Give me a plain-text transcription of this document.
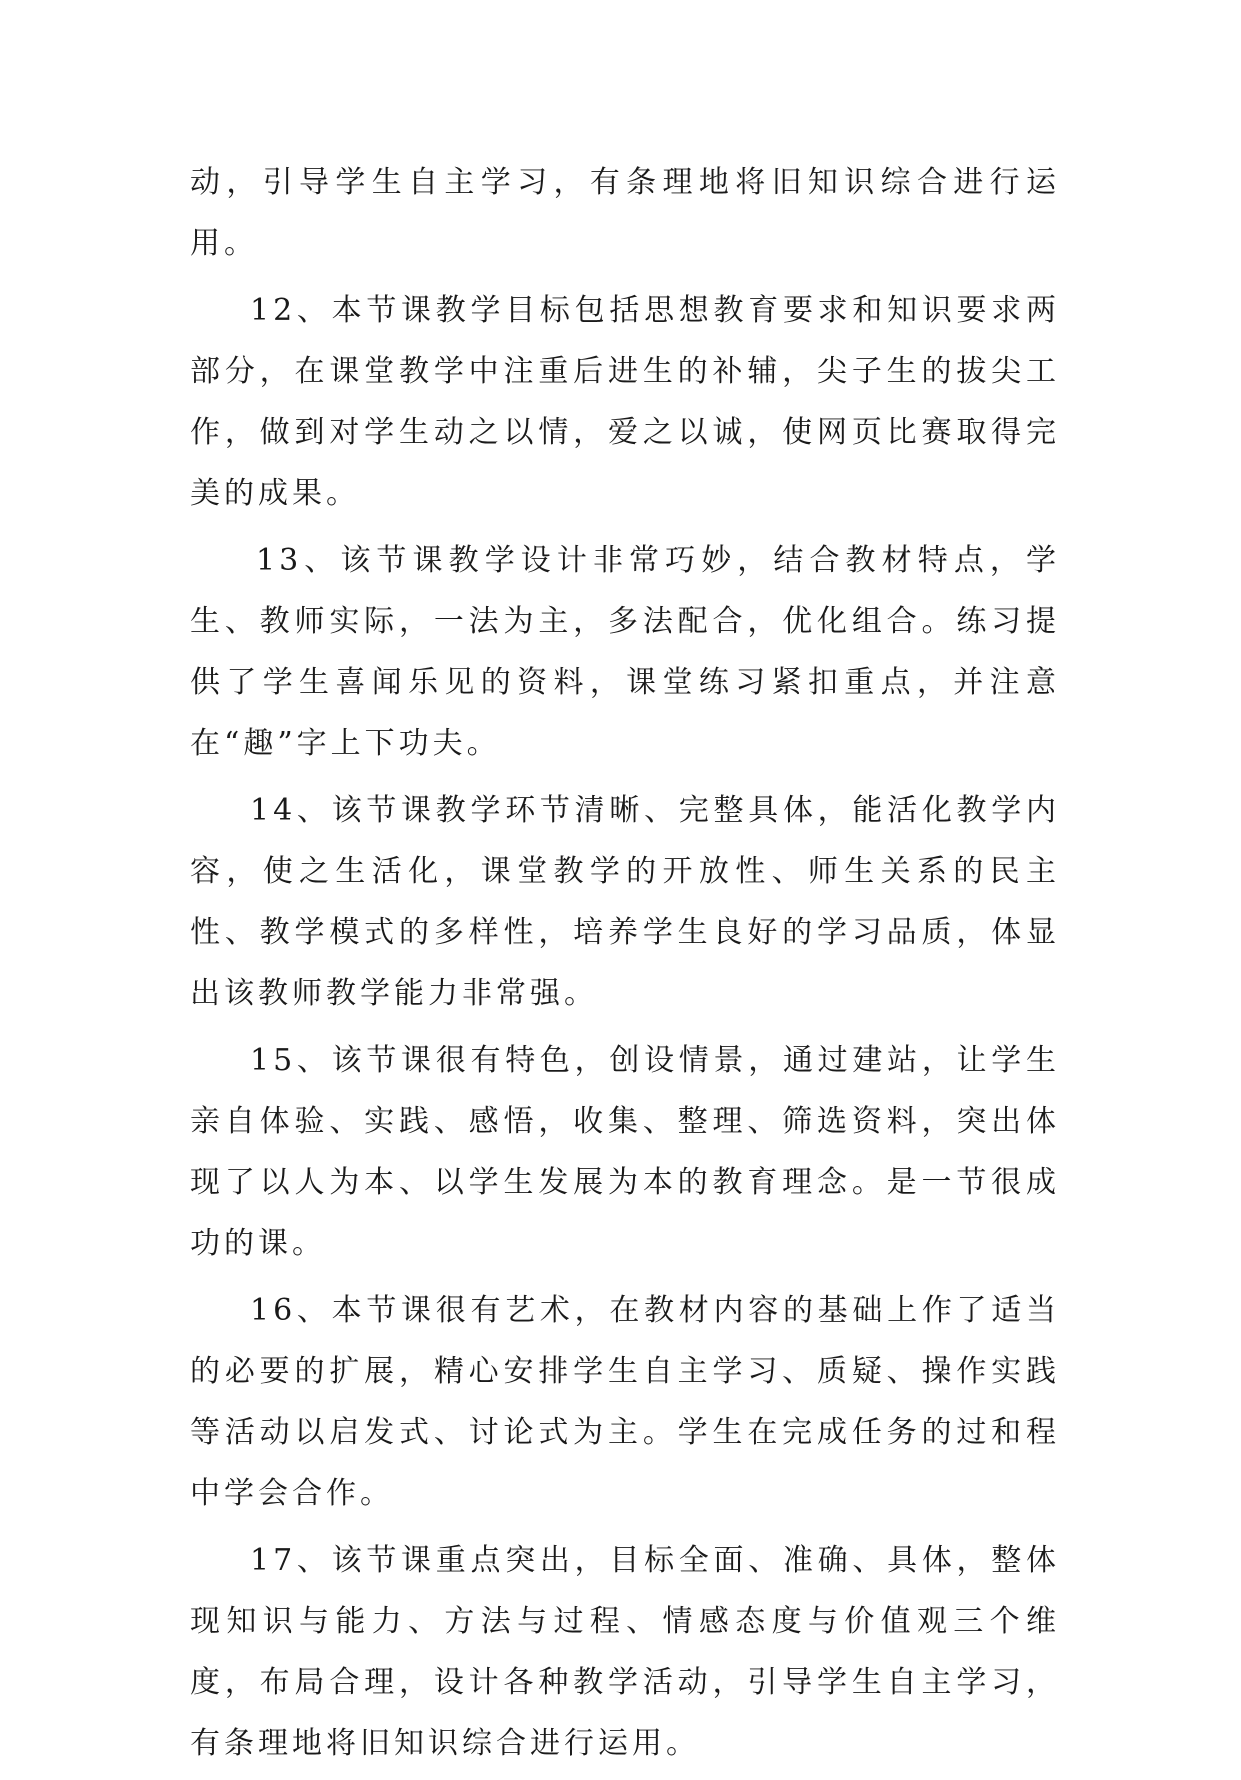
动，引导学生自主学习，有条理地将旧知识综合进行运用。

12、本节课教学目标包括思想教育要求和知识要求两部分，在课堂教学中注重后进生的补辅，尖子生的拔尖工作，做到对学生动之以情，爱之以诚，使网页比赛取得完美的成果。

13、该节课教学设计非常巧妙，结合教材特点，学生、教师实际，一法为主，多法配合，优化组合。练习提供了学生喜闻乐见的资料，课堂练习紧扣重点，并注意在“趣”字上下功夫。

14、该节课教学环节清晰、完整具体，能活化教学内容，使之生活化，课堂教学的开放性、师生关系的民主性、教学模式的多样性，培养学生良好的学习品质，体显出该教师教学能力非常强。

15、该节课很有特色，创设情景，通过建站，让学生亲自体验、实践、感悟，收集、整理、筛选资料，突出体现了以人为本、以学生发展为本的教育理念。是一节很成功的课。

16、本节课很有艺术，在教材内容的基础上作了适当的必要的扩展，精心安排学生自主学习、质疑、操作实践等活动以启发式、讨论式为主。学生在完成任务的过和程中学会合作。

17、该节课重点突出，目标全面、准确、具体，整体现知识与能力、方法与过程、情感态度与价值观三个维度，布局合理，设计各种教学活动，引导学生自主学习，有条理地将旧知识综合进行运用。
